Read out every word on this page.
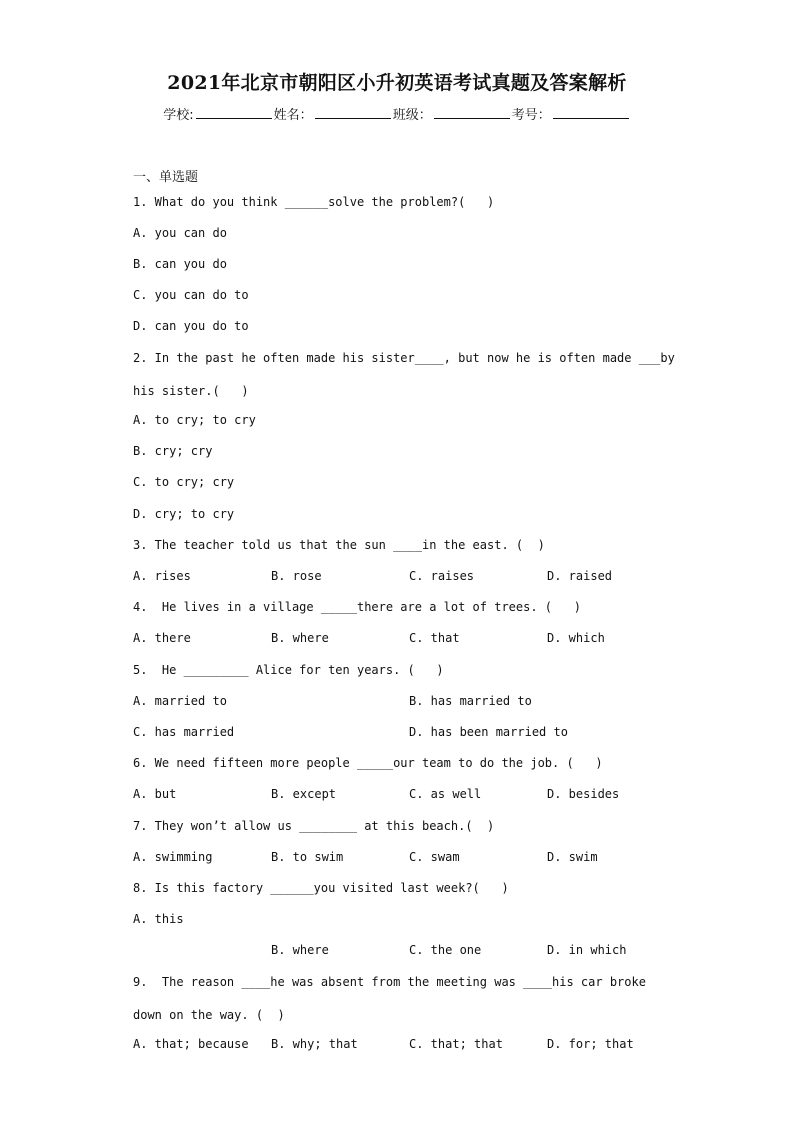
2021年北京市朝阳区小升初英语考试真题及答案解析
学校:	姓名：	班级：	考号：
一、单选题
1. What do you think ______solve the problem?(   )
A. you can do
B. can you do
C. you can do to
D. can you do to
2. In the past he often made his sister____, but now he is often made ___by
his sister.(   )
A. to cry; to cry
B. cry; cry
C. to cry; cry
D. cry; to cry
3. The teacher told us that the sun ____in the east. (  )
A. rises	B. rose	C. raises	D. raised
4.  He lives in a village _____there are a lot of trees. (   )
A. there	B. where	C. that	D. which
5.  He _________ Alice for ten years. (   )
A. married to	B. has married to
C. has married	D. has been married to
6. We need fifteen more people _____our team to do the job. (   )
A. but	B. except	C. as well	D. besides
7. They won’t allow us ________ at this beach.(  )
A. swimming	B. to swim	C. swam	D. swim
8. Is this factory ______you visited last week?(   )
A. this
B. where	C. the one	D. in which
9.  The reason ____he was absent from the meeting was ____his car broke
down on the way. (  )
A. that; because B. why; that	C. that; that	D. for; that
